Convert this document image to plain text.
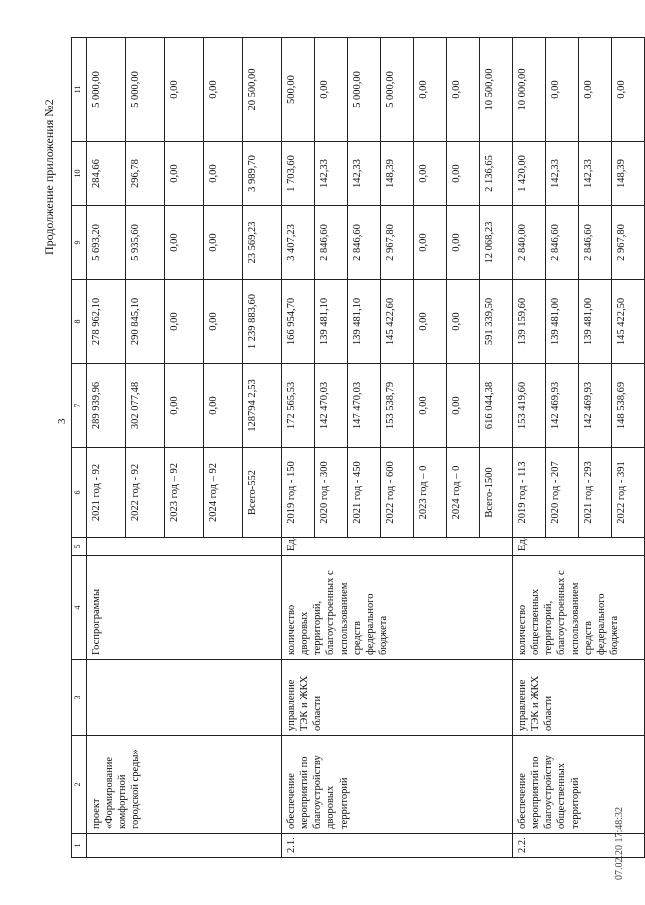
3
Продолжение приложения №2
07.02.20 17:48:32
1	2	3	4	5	6	7	8	9	10	11
	проект «Формирование комфортной городской среды»		Госпрограммы		2021 год - 92	289 939,96	278 962,10	5 693,20	284,66	5 000,00
					2022 год - 92	302 077,48	290 845,10	5 935,60	296,78	5 000,00
					2023 год – 92	0,00	0,00	0,00	0,00	0,00
					2024 год – 92	0,00	0,00	0,00	0,00	0,00
					Всего-552	128794 2,53	1 239 883,60	23 569,23	3 989,70	20 500,00
2.1.	обеспечение мероприятий по благоустройству дворовых территорий	управление ТЭК и ЖКХ области	количество дворовых территорий, благоустроенных с использованием средств федерального бюджета	Ед.	2019 год - 150	172 565,53	166 954,70	3 407,23	1 703,60	500,00
					2020 год - 300	142 470,03	139 481,10	2 846,60	142,33	0,00
					2021 год - 450	147 470,03	139 481,10	2 846,60	142,33	5 000,00
					2022 год - 600	153 538,79	145 422,60	2 967,80	148,39	5 000,00
					2023 год – 0	0,00	0,00	0,00	0,00	0,00
					2024 год – 0	0,00	0,00	0,00	0,00	0,00
					Всего-1500	616 044,38	591 339,50	12 068,23	2 136,65	10 500,00
2.2.	обеспечение мероприятий по благоустройству общественных территорий	управление ТЭК и ЖКХ области	количество общественных территорий, благоустроенных с использованием средств федерального бюджета	Ед.	2019 год - 113	153 419,60	139 159,60	2 840,00	1 420,00	10 000,00
					2020 год - 207	142 469,93	139 481,00	2 846,60	142,33	0,00
					2021 год - 293	142 469,93	139 481,00	2 846,60	142,33	0,00
					2022 год - 391	148 538,69	145 422,50	2 967,80	148,39	0,00
